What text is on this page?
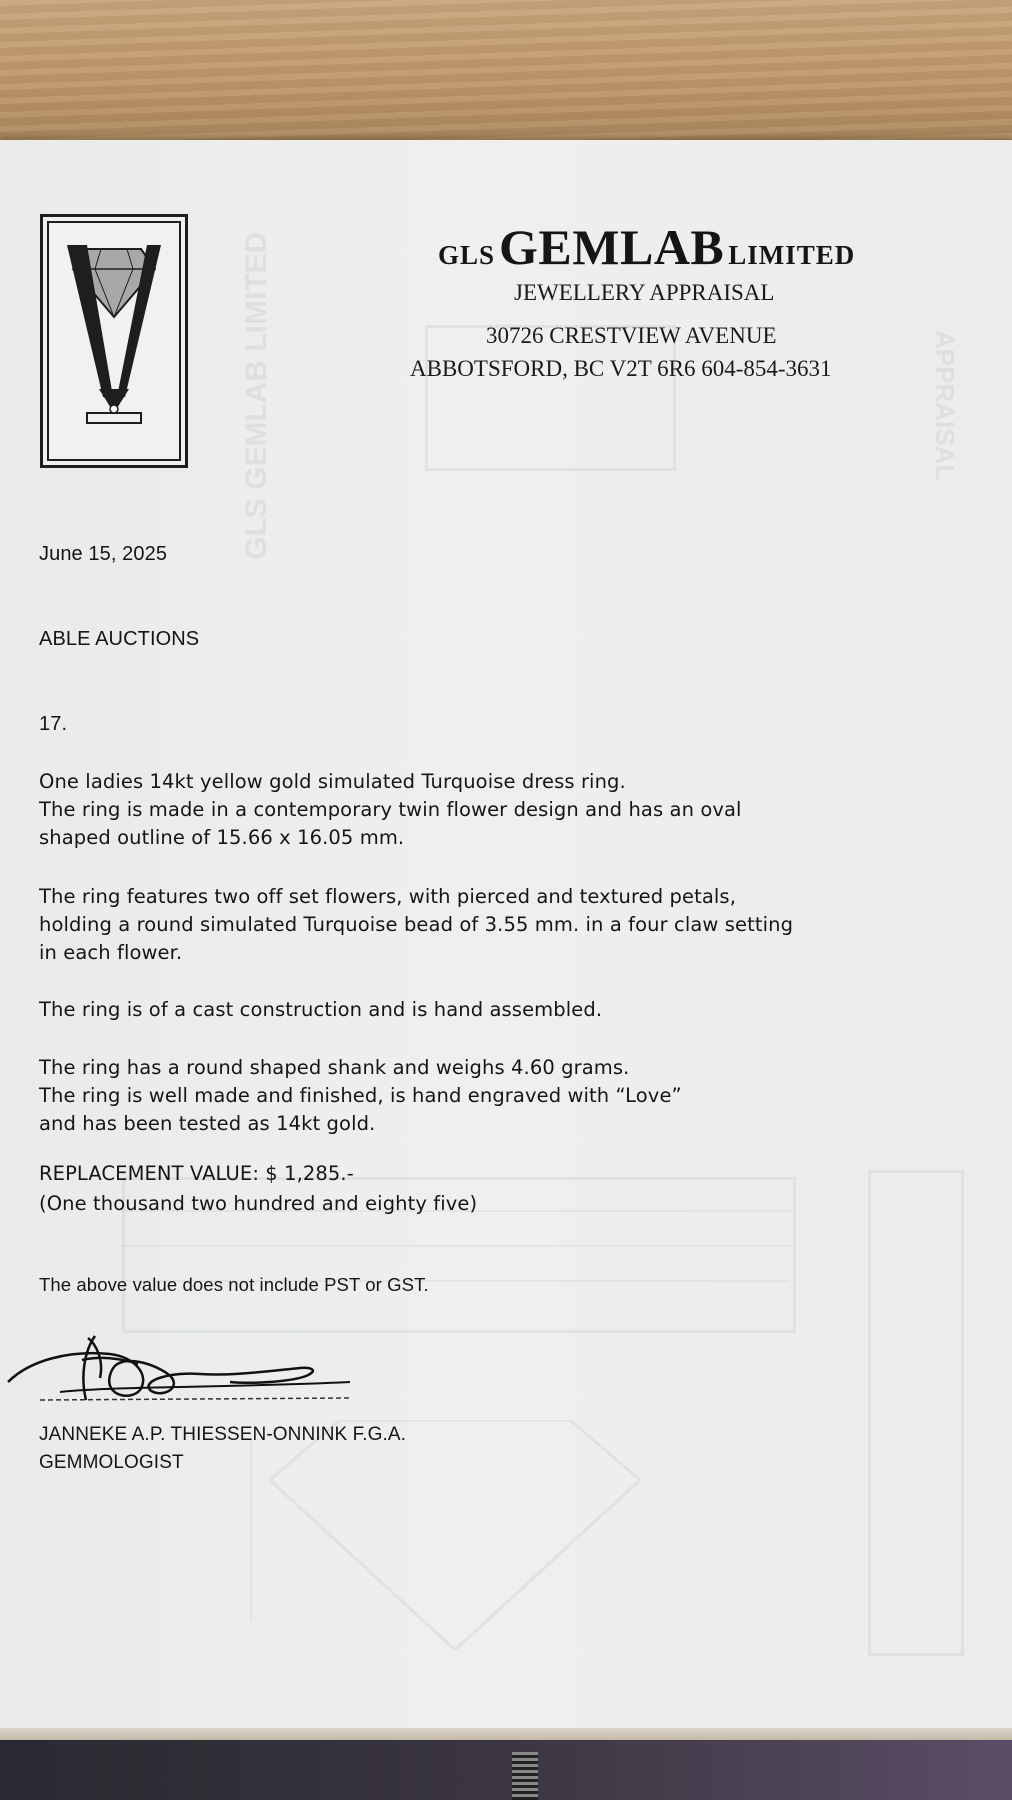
GLS GEMLAB LIMITED	APPRAISAL
GLS GEMLAB LIMITED
JEWELLERY APPRAISAL
30726 CRESTVIEW AVENUE
ABBOTSFORD, BC V2T 6R6 604-854-3631
June 15, 2025
ABLE AUCTIONS
17.
One ladies 14kt yellow gold simulated Turquoise dress ring.
The ring is made in a contemporary twin flower design and has an oval
shaped outline of 15.66 x 16.05 mm.
The ring features two off set flowers, with pierced and textured petals,
holding a round simulated Turquoise bead of 3.55 mm. in a four claw setting
in each flower.
The ring is of a cast construction and is hand assembled.
The ring has a round shaped shank and weighs 4.60 grams.
The ring is well made and finished, is hand engraved with “Love”
and has been tested as 14kt gold.
REPLACEMENT VALUE: $ 1,285.-
(One thousand two hundred and eighty five)
The above value does not include PST or GST.
JANNEKE A.P. THIESSEN-ONNINK F.G.A.
GEMMOLOGIST
